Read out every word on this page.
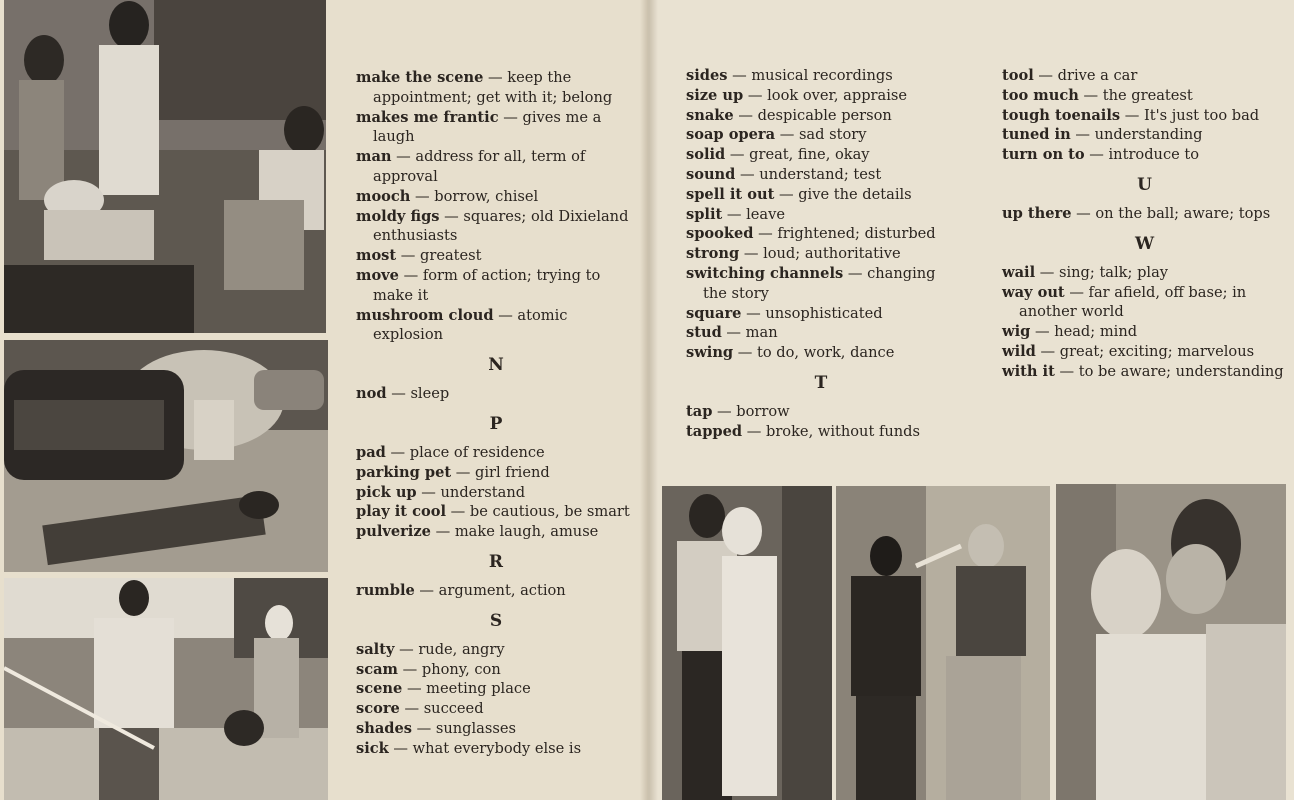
make the scene — keep the appointment; get with it; belong
makes me frantic — gives me a laugh
man — address for all, term of approval
mooch — borrow, chisel
moldy figs — squares; old Dixieland enthusiasts
most — greatest
move — form of action; trying to make it
mushroom cloud — atomic explosion
N
nod — sleep
P
pad — place of residence
parking pet — girl friend
pick up — understand
play it cool — be cautious, be smart
pulverize — make laugh, amuse
R
rumble — argument, action
S
salty — rude, angry
scam — phony, con
scene — meeting place
score — succeed
shades — sunglasses
sick — what everybody else is
sides — musical recordings
size up — look over, appraise
snake — despicable person
soap opera — sad story
solid — great, fine, okay
sound — understand; test
spell it out — give the details
split — leave
spooked — frightened; disturbed
strong — loud; authoritative
switching channels — changing the story
square — unsophisticated
stud — man
swing — to do, work, dance
T
tap — borrow
tapped — broke, without funds
tool — drive a car
too much — the greatest
tough toenails — It's just too bad
tuned in — understanding
turn on to — introduce to
U
up there — on the ball; aware; tops
W
wail — sing; talk; play
way out — far afield, off base; in another world
wig — head; mind
wild — great; exciting; marvelous
with it — to be aware; understanding
